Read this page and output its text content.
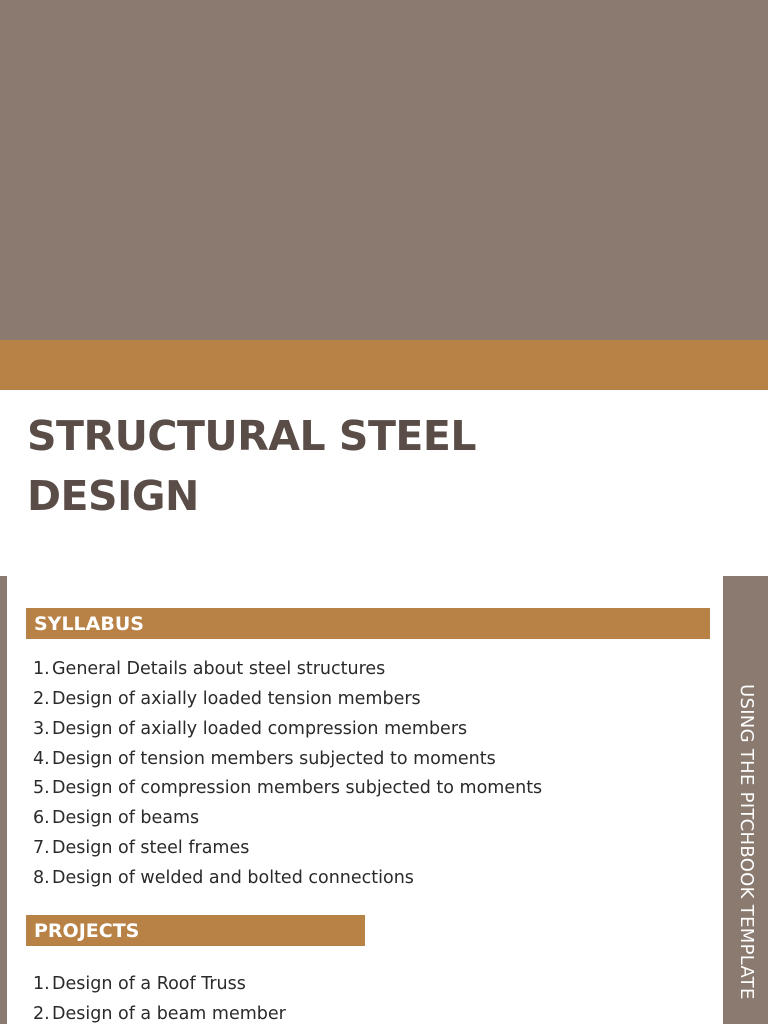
STRUCTURAL STEEL
DESIGN
USING THE PITCHBOOK TEMPLATE
SYLLABUS
1. General Details about steel structures
2. Design of axially loaded tension members
3. Design of axially loaded compression members
4. Design of tension members subjected to moments
5. Design of compression members subjected to moments
6. Design of beams
7. Design of steel frames
8. Design of welded and bolted connections
PROJECTS
1. Design of a Roof Truss
2. Design of a beam member
